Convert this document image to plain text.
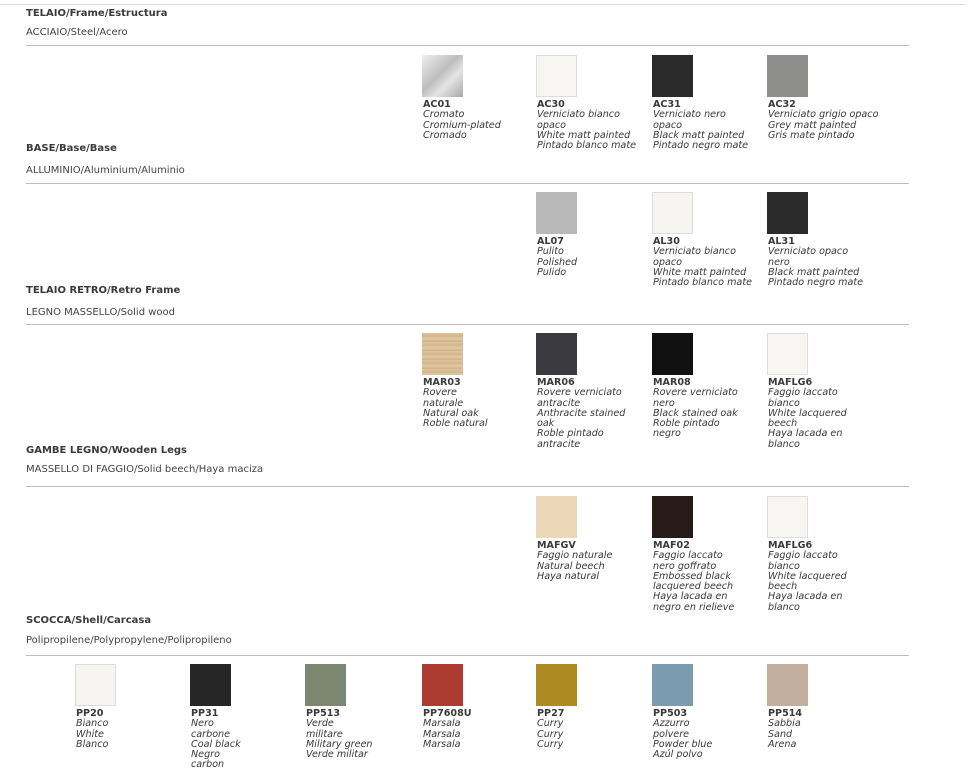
TELAIO/Frame/Estructura
ACCIAIO/Steel/Acero
AC01
Cromato
Cromium-plated
Cromado
AC30
Verniciato bianco
opaco
White matt painted
Pintado blanco mate
AC31
Verniciato nero
opaco
Black matt painted
Pintado negro mate
AC32
Verniciato grigio opaco
Grey matt painted
Gris mate pintado
BASE/Base/Base
ALLUMINIO/Aluminium/Aluminio
AL07
Pulito
Polished
Pulido
AL30
Verniciato bianco
opaco
White matt painted
Pintado blanco mate
AL31
Verniciato opaco
nero
Black matt painted
Pintado negro mate
TELAIO RETRO/Retro Frame
LEGNO MASSELLO/Solid wood
MAR03
Rovere
naturale
Natural oak
Roble natural
MAR06
Rovere verniciato
antracite
Anthracite stained
oak
Roble pintado
antracite
MAR08
Rovere verniciato
nero
Black stained oak
Roble pintado
negro
MAFLG6
Faggio laccato
bianco
White lacquered
beech
Haya lacada en
blanco
GAMBE LEGNO/Wooden Legs
MASSELLO DI FAGGIO/Solid beech/Haya maciza
MAFGV
Faggio naturale
Natural beech
Haya natural
MAF02
Faggio laccato
nero goffrato
Embossed black
lacquered beech
Haya lacada en
negro en rielieve
MAFLG6
Faggio laccato
bianco
White lacquered
beech
Haya lacada en
blanco
SCOCCA/Shell/Carcasa
Polipropilene/Polypropylene/Polipropileno
PP20
Bianco
White
Blanco
PP31
Nero
carbone
Coal black
Negro
carbon
PP513
Verde
militare
Military green
Verde militar
PP7608U
Marsala
Marsala
Marsala
PP27
Curry
Curry
Curry
PP503
Azzurro
polvere
Powder blue
Azúl polvo
PP514
Sabbia
Sand
Arena
